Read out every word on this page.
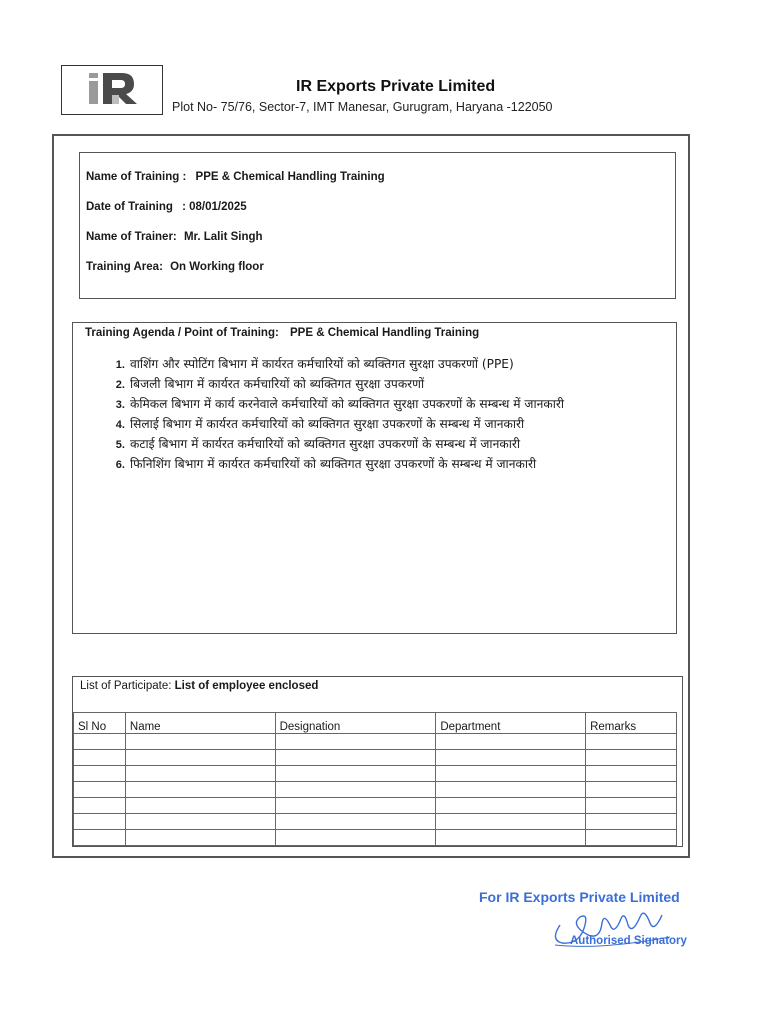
IR Exports Private Limited
Plot No- 75/76, Sector-7, IMT Manesar, Gurugram, Haryana -122050
Name of Training : PPE & Chemical Handling Training
Date of Training : 08/01/2025
Name of Trainer: Mr. Lalit Singh
Training Area: On Working floor
Training Agenda / Point of Training: PPE & Chemical Handling Training
1. वाशिंग और स्पोटिंग बिभाग में कार्यरत कर्मचारियों को ब्यक्तिगत सुरक्षा उपकरणों (PPE)
2. बिजली बिभाग में कार्यरत कर्मचारियों को ब्यक्तिगत सुरक्षा उपकरणों
3. केमिकल बिभाग में कार्य करनेवाले कर्मचारियों को ब्यक्तिगत सुरक्षा उपकरणों के सम्बन्ध में जानकारी
4. सिलाई बिभाग में कार्यरत कर्मचारियों को ब्यक्तिगत सुरक्षा उपकरणों के सम्बन्ध में जानकारी
5. कटाई बिभाग में कार्यरत कर्मचारियों को ब्यक्तिगत सुरक्षा उपकरणों के सम्बन्ध में जानकारी
6. फिनिशिंग बिभाग में कार्यरत कर्मचारियों को ब्यक्तिगत सुरक्षा उपकरणों के सम्बन्ध में जानकारी
List of Participate: List of employee enclosed
Sl No	Name	Designation	Department	Remarks

For IR Exports Private Limited
Authorised Signatory
